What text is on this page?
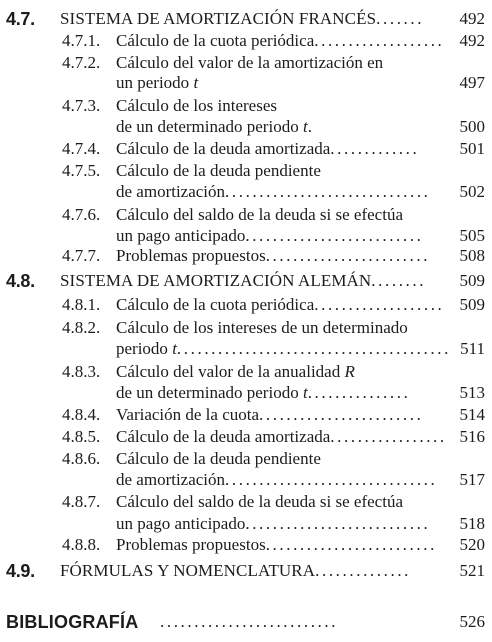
4.7. SISTEMA DE AMORTIZACIÓN FRANCÉS....... 492
4.7.1. Cálculo de la cuota periódica................... 492
4.7.2. Cálculo del valor de la amortización en
un periodo t	497
4.7.3. Cálculo de los intereses
de un determinado periodo t.	500
4.7.4. Cálculo de la deuda amortizada............. 501
4.7.5. Cálculo de la deuda pendiente
de amortización.............................. 502
4.7.6. Cálculo del saldo de la deuda si se efectúa
un pago anticipado.......................... 505
4.7.7. Problemas propuestos........................ 508
4.8. SISTEMA DE AMORTIZACIÓN ALEMÁN........ 509
4.8.1. Cálculo de la cuota periódica................... 509
4.8.2. Cálculo de los intereses de un determinado
periodo t........................................ 511
4.8.3. Cálculo del valor de la anualidad R
de un determinado periodo t...............	513
4.8.4. Variación de la cuota........................ 514
4.8.5. Cálculo de la deuda amortizada................. 516
4.8.6. Cálculo de la deuda pendiente
de amortización............................... 517
4.8.7. Cálculo del saldo de la deuda si se efectúa
un pago anticipado........................... 518
4.8.8. Problemas propuestos......................... 520
4.9. FÓRMULAS Y NOMENCLATURA..............	521
BIBLIOGRAFÍA ..........................	526
